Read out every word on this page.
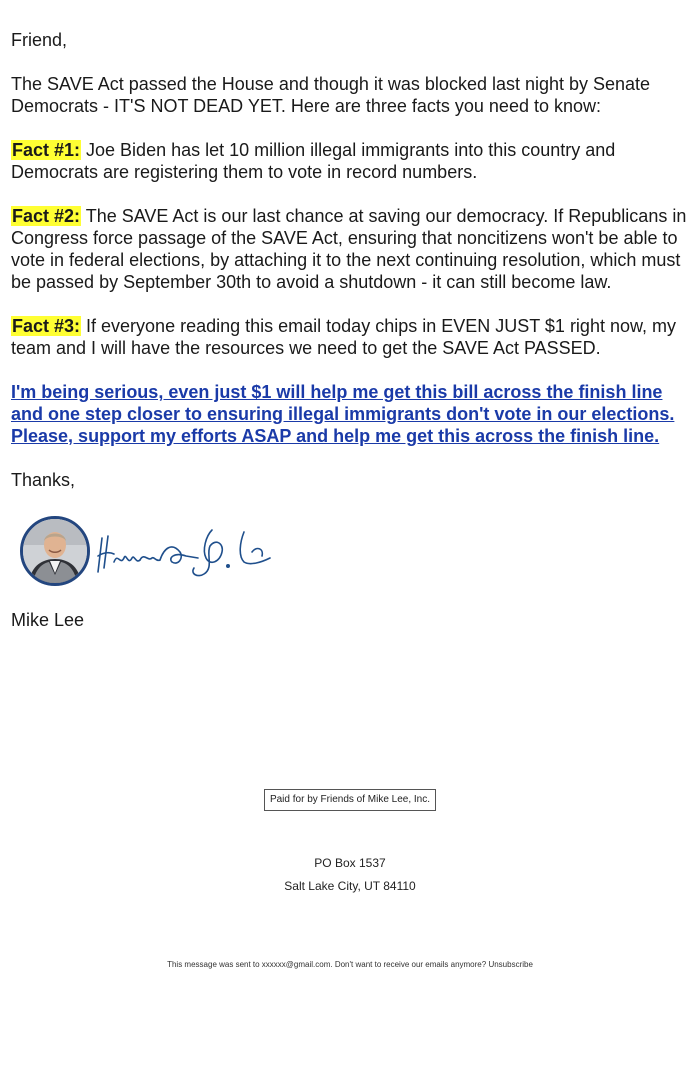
Friend,

The SAVE Act passed the House and though it was blocked last night by Senate Democrats - IT'S NOT DEAD YET. Here are three facts you need to know:

Fact #1: Joe Biden has let 10 million illegal immigrants into this country and Democrats are registering them to vote in record numbers.

Fact #2: The SAVE Act is our last chance at saving our democracy. If Republicans in Congress force passage of the SAVE Act, ensuring that noncitizens won't be able to vote in federal elections, by attaching it to the next continuing resolution, which must be passed by September 30th to avoid a shutdown - it can still become law.

Fact #3: If everyone reading this email today chips in EVEN JUST $1 right now, my team and I will have the resources we need to get the SAVE Act PASSED.

I'm being serious, even just $1 will help me get this bill across the finish line and one step closer to ensuring illegal immigrants don't vote in our elections. Please, support my efforts ASAP and help me get this across the finish line.

Thanks,

Mike Lee
Paid for by Friends of Mike Lee, Inc.
PO Box 1537
Salt Lake City, UT 84110
This message was sent to xxxxxx@gmail.com. Don't want to receive our emails anymore? Unsubscribe
